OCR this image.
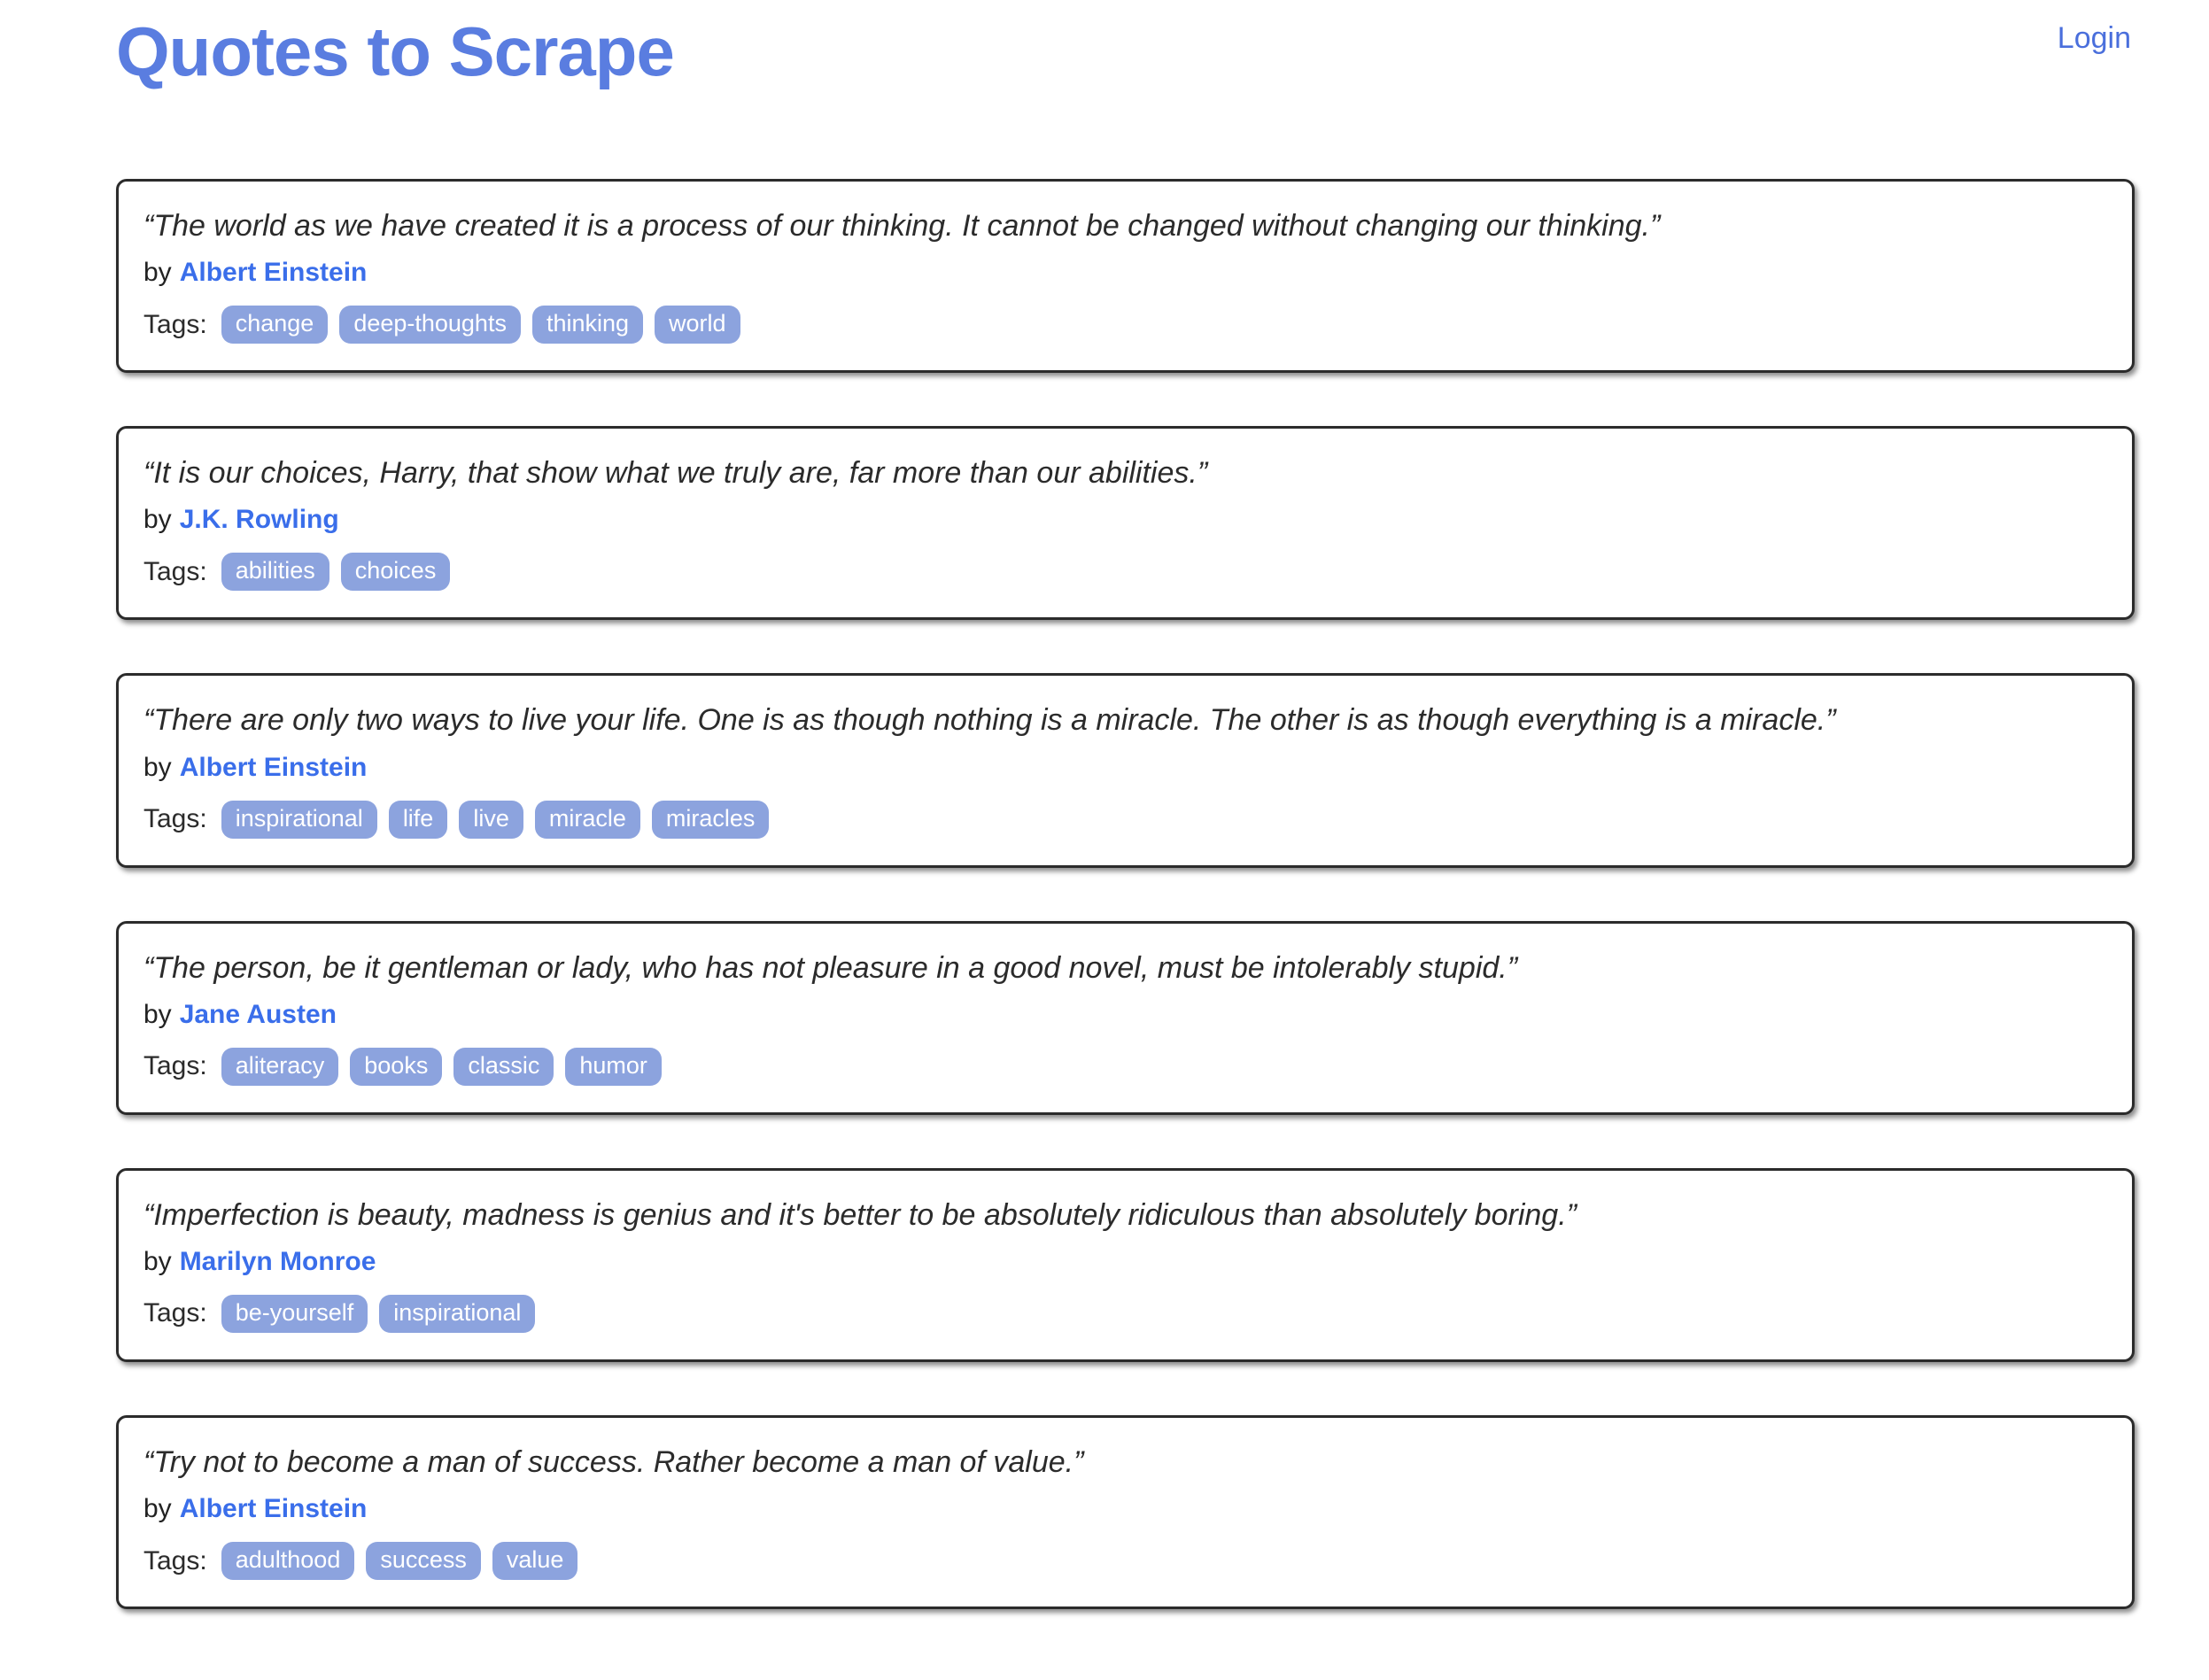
Quotes to Scrape	Login
“The world as we have created it is a process of our thinking. It cannot be changed without changing our thinking.”
by Albert Einstein
Tags:	change	deep-thoughts	thinking	world
“It is our choices, Harry, that show what we truly are, far more than our abilities.”
by J.K. Rowling
Tags:	abilities	choices
“There are only two ways to live your life. One is as though nothing is a miracle. The other is as though everything is a miracle.”
by Albert Einstein
Tags:	inspirational	life	live	miracle	miracles
“The person, be it gentleman or lady, who has not pleasure in a good novel, must be intolerably stupid.”
by Jane Austen
Tags:	aliteracy	books	classic	humor
“Imperfection is beauty, madness is genius and it's better to be absolutely ridiculous than absolutely boring.”
by Marilyn Monroe
Tags:	be-yourself	inspirational
“Try not to become a man of success. Rather become a man of value.”
by Albert Einstein
Tags:	adulthood	success	value
